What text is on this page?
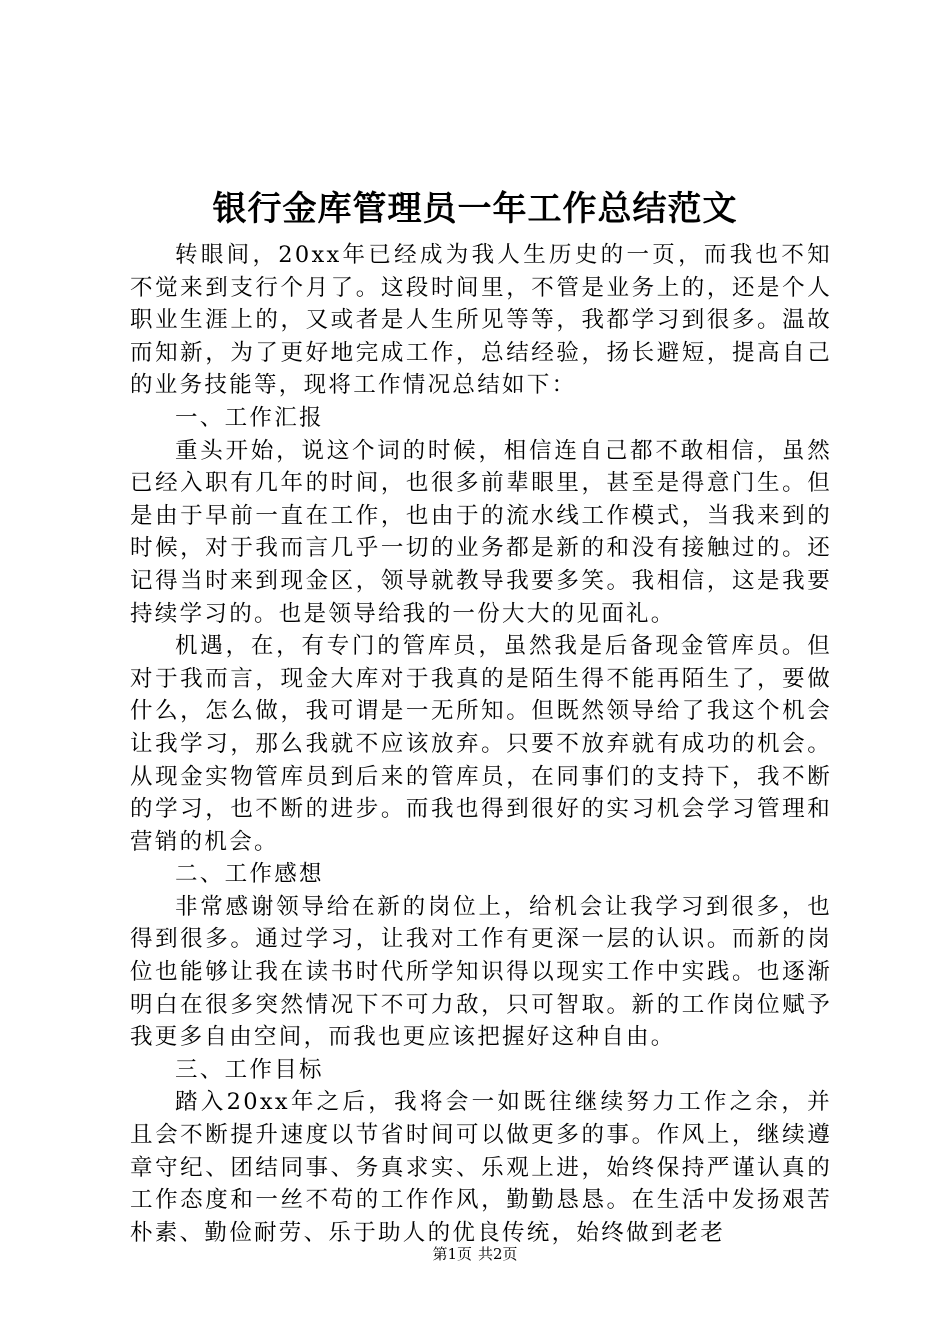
银行金库管理员一年工作总结范文

转眼间，20xx年已经成为我人生历史的一页，而我也不知不觉来到支行个月了。这段时间里，不管是业务上的，还是个人职业生涯上的，又或者是人生所见等等，我都学习到很多。温故而知新，为了更好地完成工作，总结经验，扬长避短，提高自己的业务技能等，现将工作情况总结如下：

一、工作汇报

重头开始，说这个词的时候，相信连自己都不敢相信，虽然已经入职有几年的时间，也很多前辈眼里，甚至是得意门生。但是由于早前一直在工作，也由于的流水线工作模式，当我来到的时候，对于我而言几乎一切的业务都是新的和没有接触过的。还记得当时来到现金区，领导就教导我要多笑。我相信，这是我要持续学习的。也是领导给我的一份大大的见面礼。

机遇，在，有专门的管库员，虽然我是后备现金管库员。但对于我而言，现金大库对于我真的是陌生得不能再陌生了，要做什么，怎么做，我可谓是一无所知。但既然领导给了我这个机会让我学习，那么我就不应该放弃。只要不放弃就有成功的机会。从现金实物管库员到后来的管库员，在同事们的支持下，我不断的学习，也不断的进步。而我也得到很好的实习机会学习管理和营销的机会。

二、工作感想

非常感谢领导给在新的岗位上，给机会让我学习到很多，也得到很多。通过学习，让我对工作有更深一层的认识。而新的岗位也能够让我在读书时代所学知识得以现实工作中实践。也逐渐明白在很多突然情况下不可力敌，只可智取。新的工作岗位赋予我更多自由空间，而我也更应该把握好这种自由。

三、工作目标

踏入20xx年之后，我将会一如既往继续努力工作之余，并且会不断提升速度以节省时间可以做更多的事。作风上，继续遵章守纪、团结同事、务真求实、乐观上进，始终保持严谨认真的工作态度和一丝不苟的工作作风，勤勤恳恳。在生活中发扬艰苦朴素、勤俭耐劳、乐于助人的优良传统，始终做到老老

第1页 共2页
